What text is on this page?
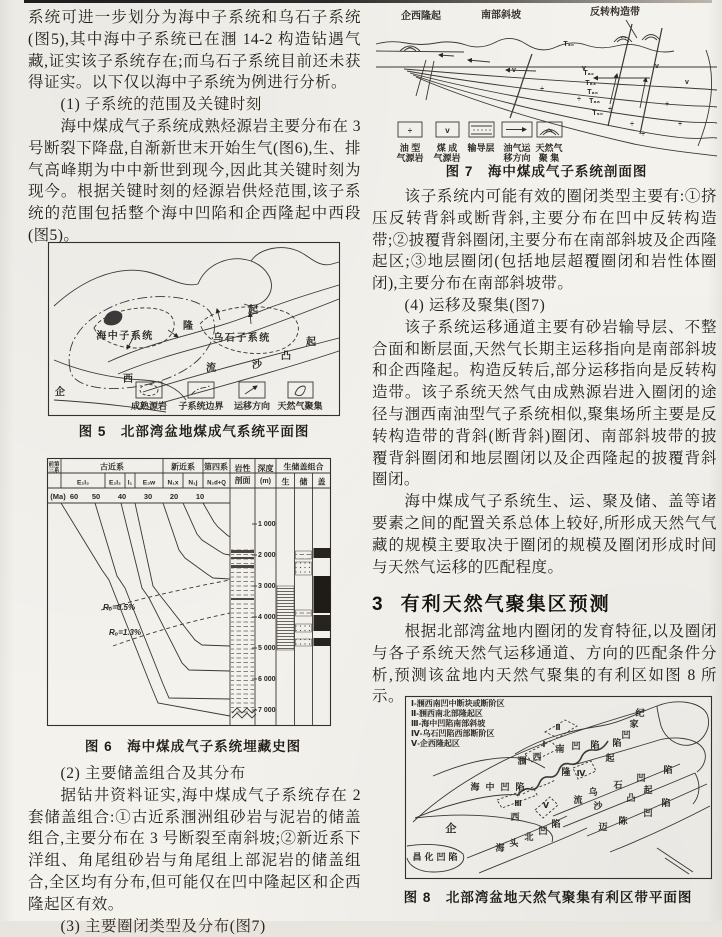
系统可进一步划分为海中子系统和乌石子系统(图5),其中海中子系统已在涠 14-2 构造钻遇气藏,证实该子系统存在;而乌石子系统目前还未获得证实。以下仅以海中子系统为例进行分析。
(1) 子系统的范围及关键时刻
海中煤成气子系统成熟烃源岩主要分布在 3 号断裂下降盘,自渐新世末开始生气(图6),生、排气高峰期为中中新世到现今,因此其关键时刻为现今。根据关键时刻的烃源岩供烃范围,该子系统的范围包括整个海中凹陷和企西隆起中西段(图5)。
海中子系统	乌石子系统
隆
起
起
凸
沙
流
西
企
成熟源岩 子系统边界 运移方向 天然气聚集
图 5　北部湾盆地煤成气系统平面图
前第
三系	古近系	新近系 第四系
E₂l₃	E₂l₂ l₁ E₃w N₁x N₁j N₂d+Q
(Ma) 60 50 40 30 20 10
岩性
剖面
深度
(m)
生储盖组合
生 储 盖
1 000
2 000
3 000
4 000
5 000
6 000
7 000
Rₒ=0.5%
Rₒ=1.3%
图 6　海中煤成气子系统埋藏史图
(2) 主要储盖组合及其分布
据钻井资料证实,海中煤成气子系统存在 2 套储盖组合:①古近系涠洲组砂岩与泥岩的储盖组合,主要分布在 3 号断裂至南斜坡;②新近系下洋组、角尾组砂岩与角尾组上部泥岩的储盖组合,全区均有分布,但可能仅在凹中隆起区和企西隆起区有效。
(3) 主要圈闭类型及分布(图7)
企西隆起	南部斜坡	反转构造带
T₃₀
T₈₂
T₈₃
T₈₆
T₈₈
T₉₀
v	v	v
v
÷
÷
÷
÷
÷
÷
÷
÷	v
油 型 煤 成 输导层 油气运 天然气
气源岩 气源岩	移方向 聚 集
图 7　海中煤成气子系统剖面图
该子系统内可能有效的圈闭类型主要有:①挤压反转背斜或断背斜,主要分布在凹中反转构造带;②披覆背斜圈闭,主要分布在南部斜坡及企西隆起区;③地层圈闭(包括地层超覆圈闭和岩性体圈闭),主要分布在南部斜坡带。
(4) 运移及聚集(图7)
该子系统运移通道主要有砂岩输导层、不整合面和断层面,天然气长期主运移指向是南部斜坡和企西隆起。构造反转后,部分运移指向是反转构造带。该子系统天然气由成熟源岩进入圈闭的途径与涠西南油型气子系统相似,聚集场所主要是反转构造带的背斜(断背斜)圈闭、南部斜坡带的披覆背斜圈闭和地层圈闭以及企西隆起的披覆背斜圈闭。
海中煤成气子系统生、运、聚及储、盖等诸要素之间的配置关系总体上较好,所形成天然气气藏的规模主要取决于圈闭的规模及圈闭形成时间与天然气运移的匹配程度。
3 有利天然气聚集区预测
根据北部湾盆地内圈闭的发育特征,以及圈闭与各子系统天然气运移通道、方向的匹配条件分析,预测该盆地内天然气聚集的有利区如图 8 所示。 Ⅰ-涠西南凹中断块或断阶区
Ⅱ-涠西南北部隆起区
Ⅲ-海中凹陷南部斜坡
Ⅳ-乌石凹陷西部断阶区
Ⅴ-企西隆起区
纪
家
凹
陷
Ⅱ
Ⅰ
涠 西
南 凹 陷
起
隆 Ⅳ
乌
石
凹
陷
流
沙
凸
起
Ⅴ
Ⅲ
西
海 中 凹 陷
企
海 头
北
凹
陷	迈
陈
凹
陷
昌 化 凹 陷
图 8　北部湾盆地天然气聚集有利区带平面图
